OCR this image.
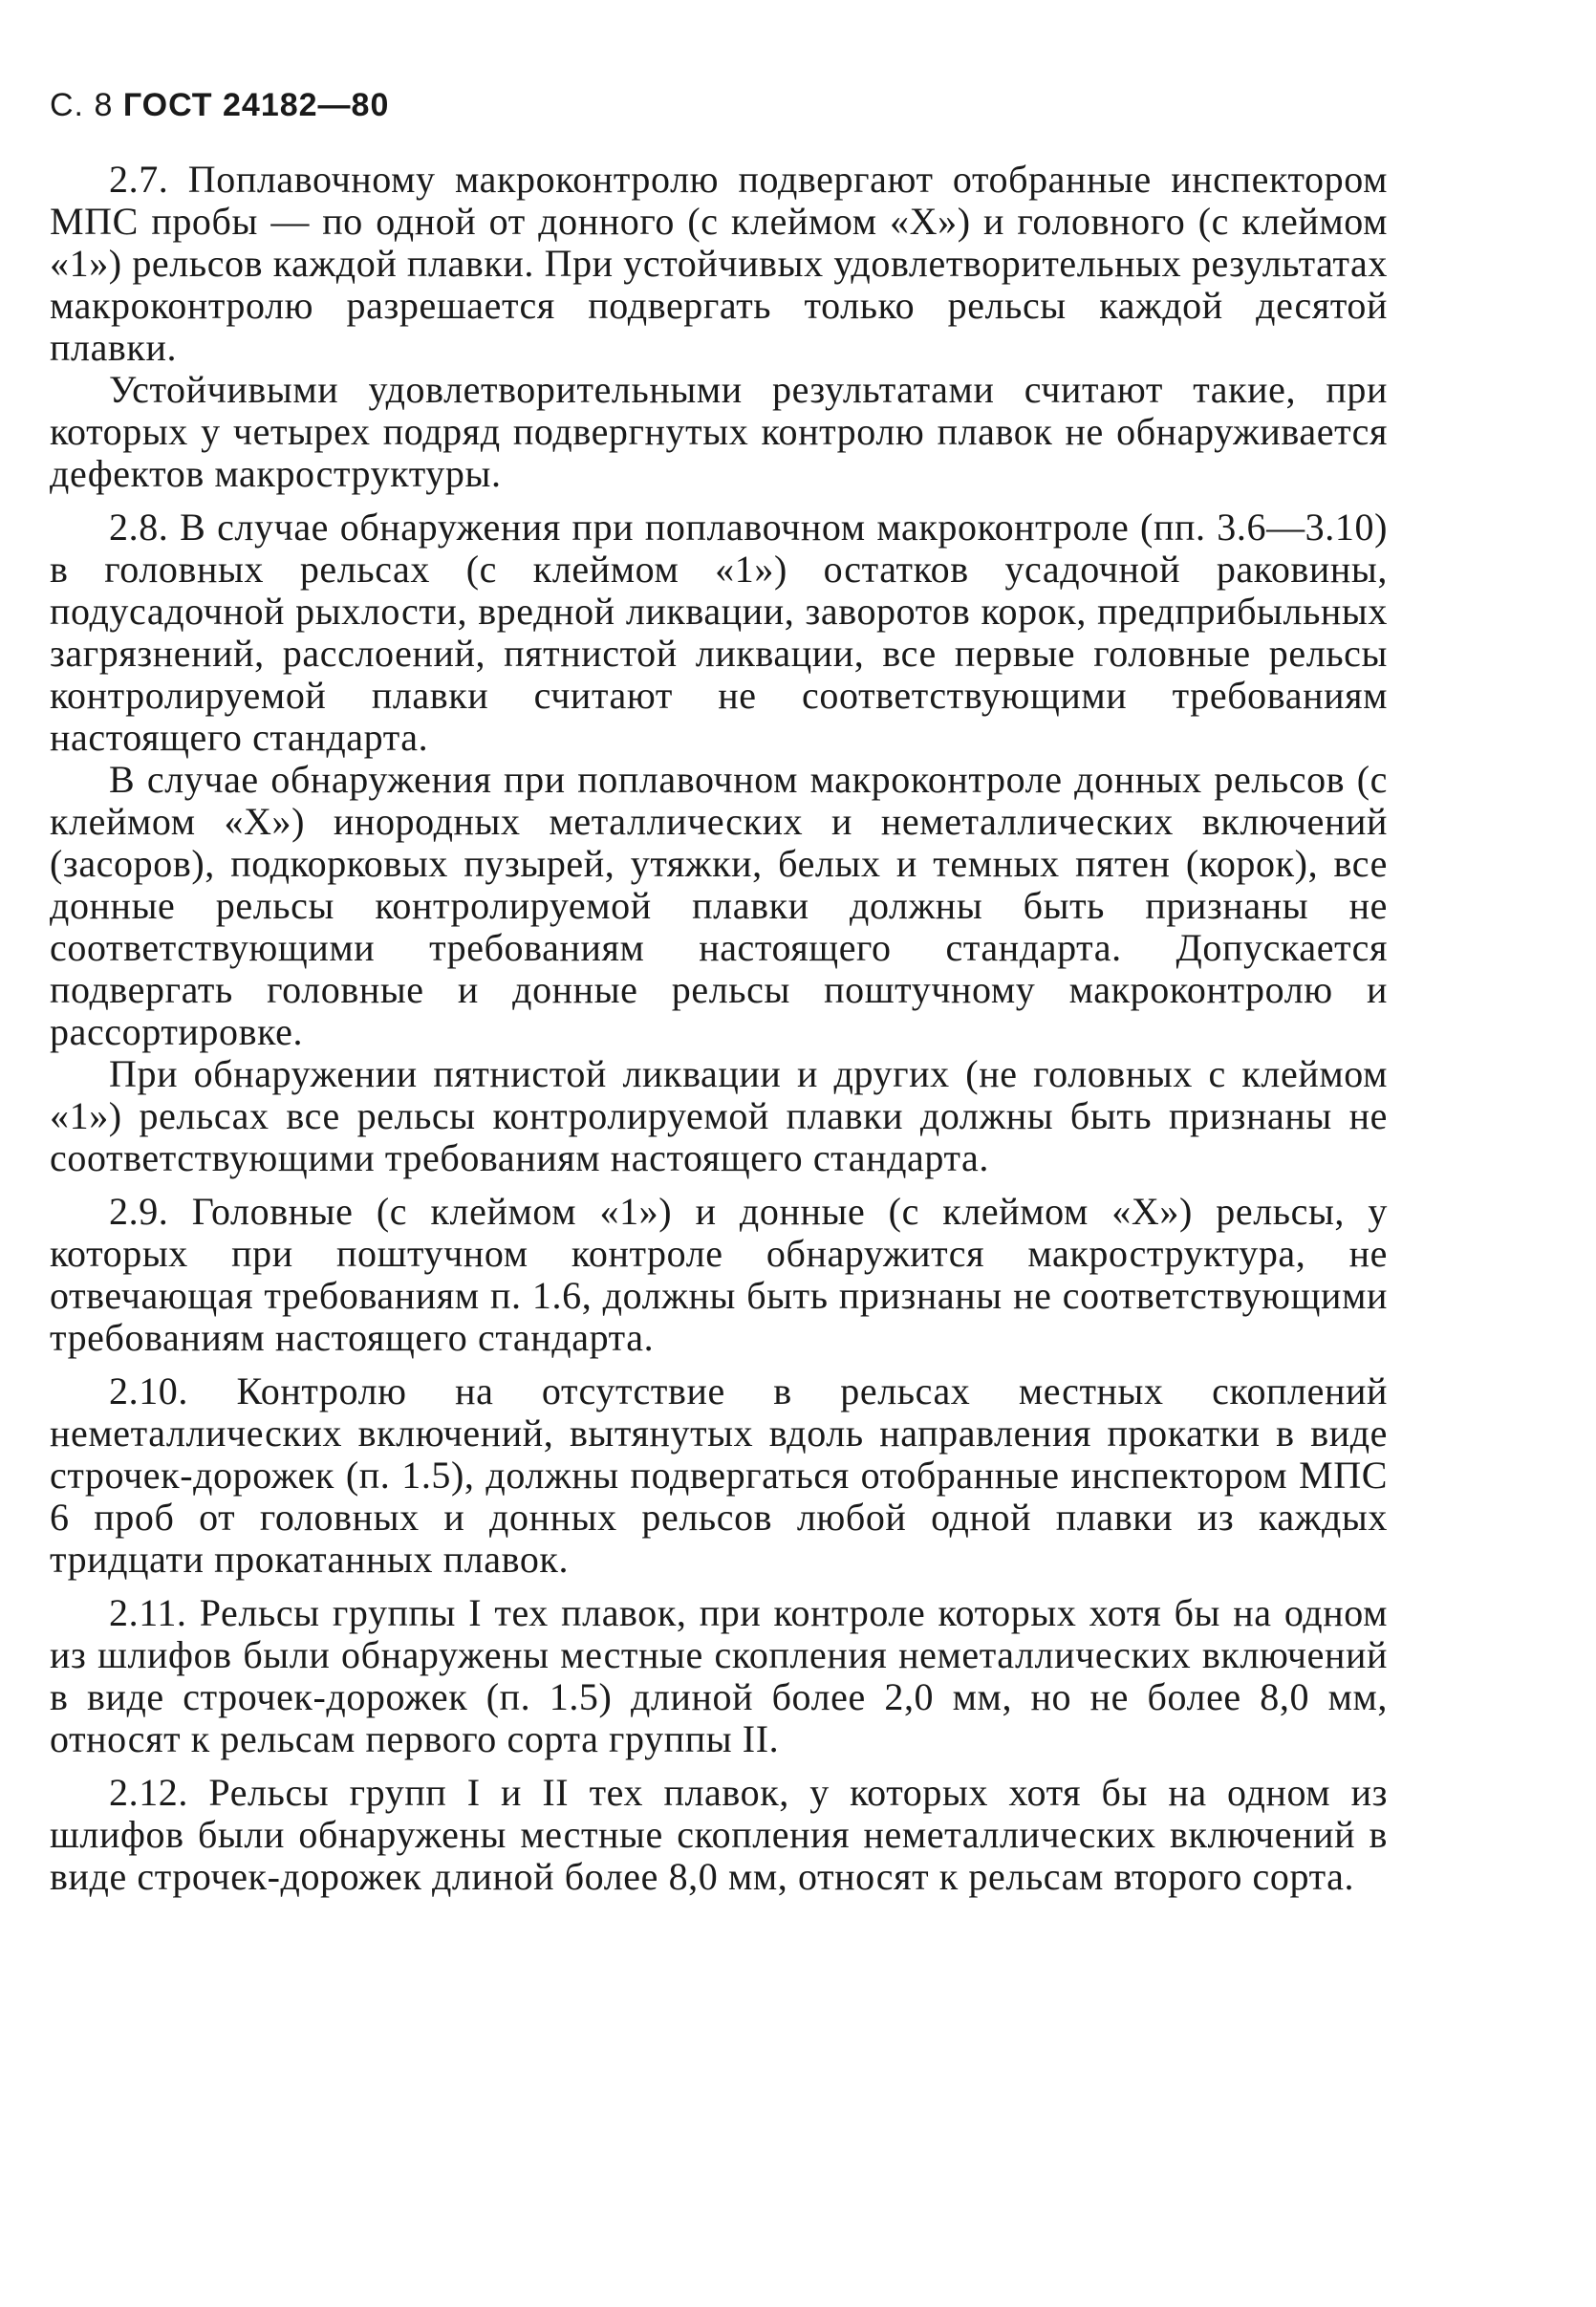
С. 8 ГОСТ 24182—80

2.7. Поплавочному макроконтролю подвергают отобранные инспектором МПС пробы — по одной от донного (с клеймом «X») и головного (с клеймом «1») рельсов каждой плавки. При устойчивых удовлетворительных результатах макроконтролю разрешается подвергать только рельсы каждой десятой плавки.

Устойчивыми удовлетворительными результатами считают такие, при которых у четырех подряд подвергнутых контролю плавок не обнаруживается дефектов макроструктуры.

2.8. В случае обнаружения при поплавочном макроконтроле (пп. 3.6—3.10) в головных рельсах (с клеймом «1») остатков усадочной раковины, подусадочной рыхлости, вредной ликвации, заворотов корок, предприбыльных загрязнений, расслоений, пятнистой ликвации, все первые головные рельсы контролируемой плавки считают не соответствующими требованиям настоящего стандарта.

В случае обнаружения при поплавочном макроконтроле донных рельсов (с клеймом «X») инородных металлических и неметаллических включений (засоров), подкорковых пузырей, утяжки, белых и темных пятен (корок), все донные рельсы контролируемой плавки должны быть признаны не соответствующими требованиям настоящего стандарта. Допускается подвергать головные и донные рельсы поштучному макроконтролю и рассортировке.

При обнаружении пятнистой ликвации и других (не головных с клеймом «1») рельсах все рельсы контролируемой плавки должны быть признаны не соответствующими требованиям настоящего стандарта.

2.9. Головные (с клеймом «1») и донные (с клеймом «X») рельсы, у которых при поштучном контроле обнаружится макроструктура, не отвечающая требованиям п. 1.6, должны быть признаны не соответствующими требованиям настоящего стандарта.

2.10. Контролю на отсутствие в рельсах местных скоплений неметаллических включений, вытянутых вдоль направления прокатки в виде строчек-дорожек (п. 1.5), должны подвергаться отобранные инспектором МПС 6 проб от головных и донных рельсов любой одной плавки из каждых тридцати прокатанных плавок.

2.11. Рельсы группы I тех плавок, при контроле которых хотя бы на одном из шлифов были обнаружены местные скопления неметаллических включений в виде строчек-дорожек (п. 1.5) длиной более 2,0 мм, но не более 8,0 мм, относят к рельсам первого сорта группы II.

2.12. Рельсы групп I и II тех плавок, у которых хотя бы на одном из шлифов были обнаружены местные скопления неметаллических включений в виде строчек-дорожек длиной более 8,0 мм, относят к рельсам второго сорта.
